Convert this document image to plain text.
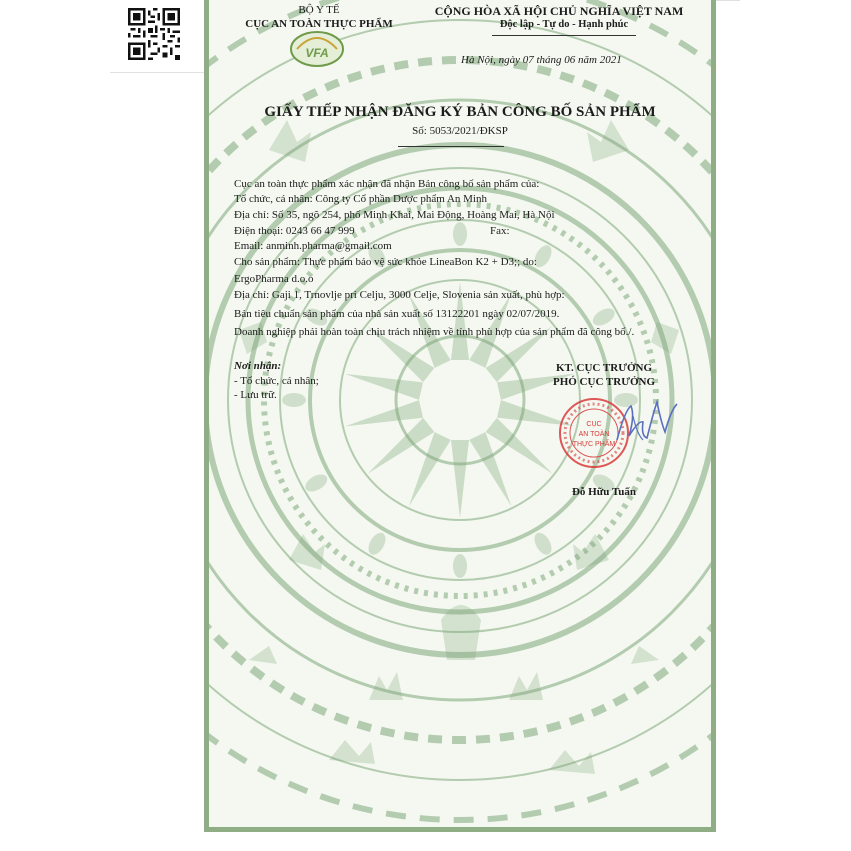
VFA
BỘ Y TẾ
CỤC AN TOÀN THỰC PHẨM
CỘNG HÒA XÃ HỘI CHỦ NGHĨA VIỆT NAM
Độc lập - Tự do - Hạnh phúc
Hà Nội, ngày 07 tháng 06 năm 2021
GIẤY TIẾP NHẬN ĐĂNG KÝ BẢN CÔNG BỐ SẢN PHẨM
Số: 5053/2021/ĐKSP
Cục an toàn thực phẩm xác nhận đã nhận Bản công bố sản phẩm của:
Tổ chức, cá nhân: Công ty Cổ phần Dược phẩm An Minh
Địa chỉ: Số 35, ngõ 254, phố Minh Khai, Mai Động, Hoàng Mai, Hà Nội
Điện thoại: 0243 66 47 999	Fax:
Email: anminh.pharma@gmail.com
Cho sản phẩm: Thực phẩm bảo vệ sức khỏe LineaBon K2 + D3;; do:
ErgoPharma d.o.o
Địa chỉ: Gaji 1, Trnovlje pri Celju, 3000 Celje, Slovenia sản xuất, phù hợp:
Bản tiêu chuẩn sản phẩm của nhà sản xuất số 13122201 ngày 02/07/2019.
Doanh nghiệp phải hoàn toàn chịu trách nhiệm về tính phù hợp của sản phẩm đã công bố./.
Nơi nhận:
- Tổ chức, cá nhân;
- Lưu trữ.
KT. CỤC TRƯỞNG
PHÓ CỤC TRƯỞNG
CỤC
AN TOÀN
THỰC PHẨM
Đỗ Hữu Tuấn
